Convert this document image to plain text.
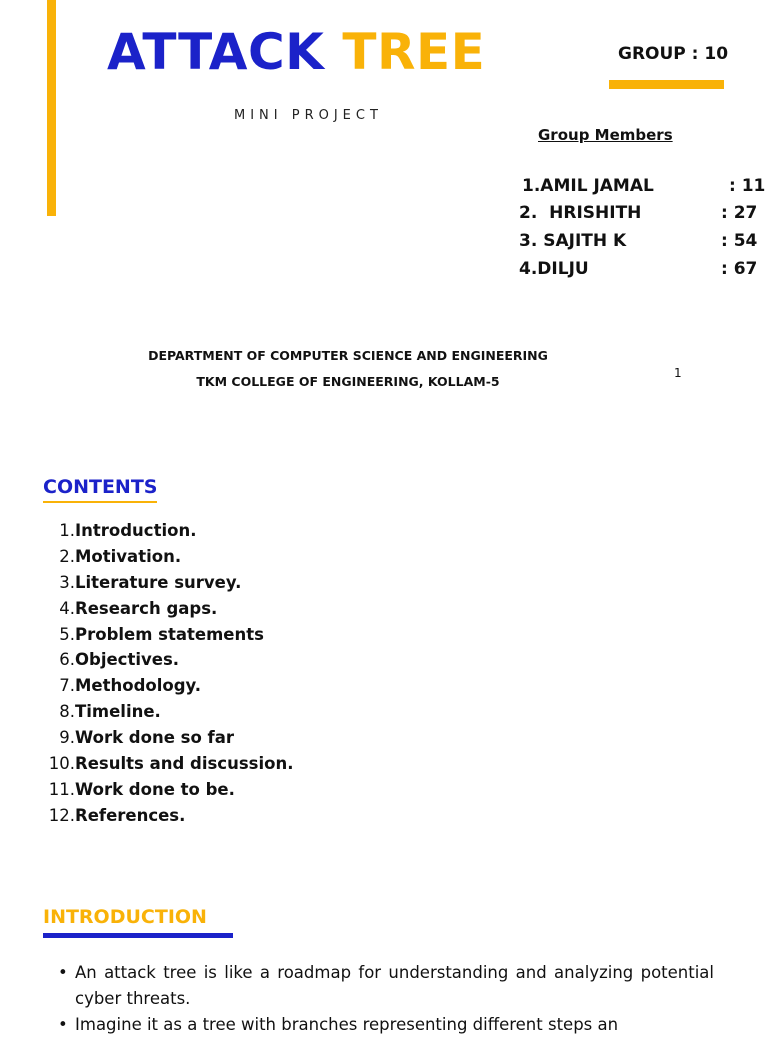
ATTACK TREE
MINI PROJECT
GROUP : 10
Group Members
1.AMIL JAMAL	: 11
2. HRISHITH	: 27
3. SAJITH K	: 54
4.DILJU	: 67
DEPARTMENT OF COMPUTER SCIENCE AND ENGINEERING
TKM COLLEGE OF ENGINEERING, KOLLAM-5
1
CONTENTS
1.Introduction.
2.Motivation.
3.Literature survey.
4.Research gaps.
5.Problem statements
6.Objectives.
7.Methodology.
8.Timeline.
9.Work done so far
10.Results and discussion.
11.Work done to be.
12.References.
INTRODUCTION
• An attack tree is like a roadmap for understanding and analyzing potential cyber threats.
• Imagine it as a tree with branches representing different steps an
